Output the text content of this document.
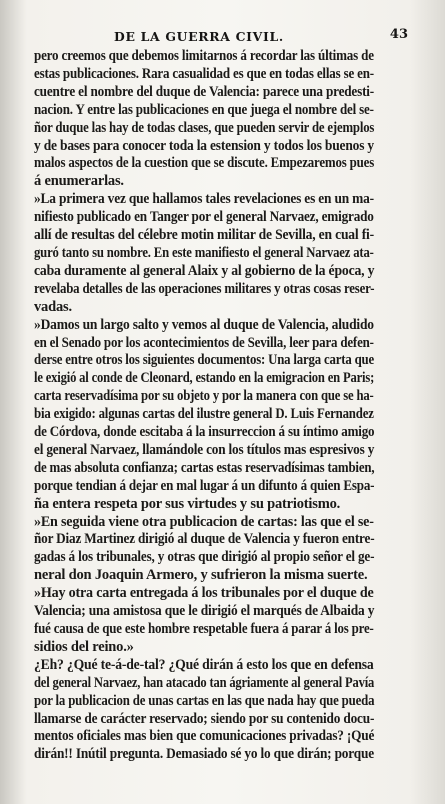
DE LA GUERRA CIVIL.	43
pero creemos que debemos limitarnos á recordar las últimas de
estas publicaciones. Rara casualidad es que en todas ellas se en-
cuentre el nombre del duque de Valencia: parece una predesti-
nacion. Y entre las publicaciones en que juega el nombre del se-
ñor duque las hay de todas clases, que pueden servir de ejemplos
y de bases para conocer toda la estension y todos los buenos y
malos aspectos de la cuestion que se discute. Empezaremos pues
á enumerarlas.
»La primera vez que hallamos tales revelaciones es en un ma-
nifiesto publicado en Tanger por el general Narvaez, emigrado
allí de resultas del célebre motin militar de Sevilla, en cual fi-
guró tanto su nombre. En este manifiesto el general Narvaez ata-
caba duramente al general Alaix y al gobierno de la época, y
revelaba detalles de las operaciones militares y otras cosas reser-
vadas.
»Damos un largo salto y vemos al duque de Valencia, aludido
en el Senado por los acontecimientos de Sevilla, leer para defen-
derse entre otros los siguientes documentos: Una larga carta que
le exigió al conde de Cleonard, estando en la emigracion en Paris;
carta reservadísima por su objeto y por la manera con que se ha-
bia exigido: algunas cartas del ilustre general D. Luis Fernandez
de Córdova, donde escitaba á la insurreccion á su íntimo amigo
el general Narvaez, llamándole con los títulos mas espresivos y
de mas absoluta confianza; cartas estas reservadísimas tambien,
porque tendian á dejar en mal lugar á un difunto á quien Espa-
ña entera respeta por sus virtudes y su patriotismo.
»En seguida viene otra publicacion de cartas: las que el se-
ñor Diaz Martinez dirigió al duque de Valencia y fueron entre-
gadas á los tribunales, y otras que dirigió al propio señor el ge-
neral don Joaquin Armero, y sufrieron la misma suerte.
»Hay otra carta entregada á los tribunales por el duque de
Valencia; una amistosa que le dirigió el marqués de Albaida y
fué causa de que este hombre respetable fuera á parar á los pre-
sidios del reino.»
¿Eh? ¿Qué te-á-de-tal? ¿Qué dirán á esto los que en defensa
del general Narvaez, han atacado tan ágriamente al general Pavía
por la publicacion de unas cartas en las que nada hay que pueda
llamarse de carácter reservado; siendo por su contenido docu-
mentos oficiales mas bien que comunicaciones privadas? ¡Qué
dirán!! Inútil pregunta. Demasiado sé yo lo que dirán; porque
